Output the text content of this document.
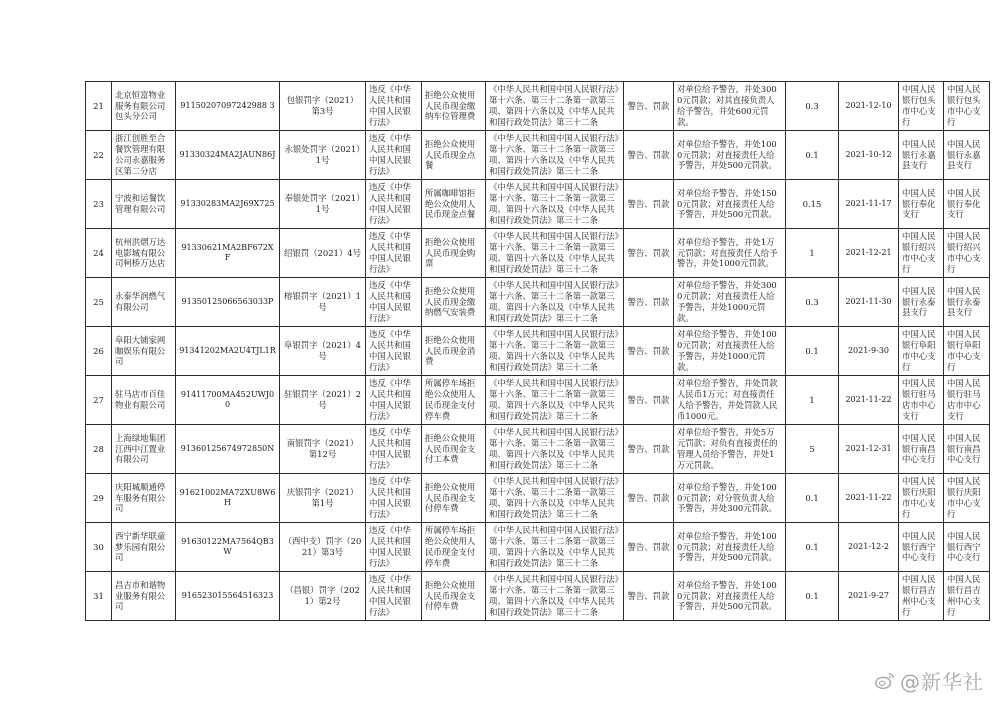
21	北京恒富物业服务有限公司包头分公司	91150207097242988 3	包银罚字（2021）第3号	违反《中华人民共和国中国人民银行法》	拒绝公众使用人民币现金缴纳车位管理费	《中华人民共和国中国人民银行法》第十六条、第三十二条第一款第三项、第四十六条以及《中华人民共和国行政处罚法》第三十二条	警告、罚款	对单位给予警告，并处3000元罚款；对其直接负责人给予警告，并处600元罚款。	0.3	2021-12-10	中国人民银行包头市中心支行	中国人民银行包头市中心支行
22	浙江创胜至合餐饮管理有限公司永嘉服务区第二分店	91330324MA2JAUN86J	永银处罚字（2021）1号	违反《中华人民共和国中国人民银行法》	拒绝公众使用人民币现金点餐	《中华人民共和国中国人民银行法》第十六条、第三十二条第一款第三项、第四十六条以及《中华人民共和国行政处罚法》第三十二条	警告、罚款	对单位给予警告，并处1000元罚款；对直接责任人给予警告，并处500元罚款。	0.1	2021-10-12	中国人民银行永嘉县支行	中国人民银行永嘉县支行
23	宁波和运餐饮管理有限公司	91330283MA2J69X725	奉银处罚字（2021）1号	违反《中华人民共和国中国人民银行法》	所属咖啡馆拒绝公众使用人民币现金点餐	《中华人民共和国中国人民银行法》第十六条、第三十二条第一款第三项、第四十六条以及《中华人民共和国行政处罚法》第三十二条	警告、罚款	对单位给予警告，并处1500元罚款；对直接责任人给予警告，并处500元罚款。	0.15	2021-11-17	中国人民银行奉化支行	中国人民银行奉化支行
24	杭州洪熠万达电影城有限公司柯桥万达店	91330621MA2BF672XF	绍银罚（2021）4号	违反《中华人民共和国中国人民银行法》	拒绝公众使用人民币现金购票	《中华人民共和国中国人民银行法》第十六条、第三十二条第一款第三项、第四十六条以及《中华人民共和国行政处罚法》第三十二条	警告、罚款	对单位给予警告，并处1万元罚款；对直接责任人给予警告，并处1000元罚款。	1	2021-12-21	中国人民银行绍兴市中心支行	中国人民银行绍兴市中心支行
25	永泰华润燃气有限公司	91350125066563033P	榕银罚字（2021）1号	违反《中华人民共和国中国人民银行法》	拒绝公众使用人民币现金缴纳燃气安装费	《中华人民共和国中国人民银行法》第十六条、第三十二条第一款第三项、第四十六条以及《中华人民共和国行政处罚法》第三十二条	警告、罚款	对单位给予警告，并处3000元罚款；对直接责任人给予警告，并处1000元罚款。	0.3	2021-11-30	中国人民银行永泰县支行	中国人民银行永泰县支行
26	阜阳大铺家网咖娱乐有限公司	91341202MA2U4TJL1R	阜银罚字（2021）4号	违反《中华人民共和国中国人民银行法》	拒绝公众使用人民币现金消费	《中华人民共和国中国人民银行法》第十六条、第三十二条第一款第三项、第四十六条以及《中华人民共和国行政处罚法》第三十二条	警告、罚款	对单位给予警告，并处1000元罚款；对直接责任人给予警告，并处1000元罚款。	0.1	2021-9-30	中国人民银行阜阳市中心支行	中国人民银行阜阳市中心支行
27	驻马店市百佳物业有限公司	91411700MA452UWJ00	驻银罚字（2021）2号	违反《中华人民共和国中国人民银行法》	所属停车场拒绝公众使用人民币现金支付停车费	《中华人民共和国中国人民银行法》第十六条、第三十二条第一款第三项、第四十六条以及《中华人民共和国行政处罚法》第三十二条	警告、罚款	对单位给予警告，并处罚款人民币1万元；对直接责任人给予警告，并处罚款人民币1000元。	1	2021-11-22	中国人民银行驻马店市中心支行	中国人民银行驻马店市中心支行
28	上海绿地集团江西中江置业有限公司	91360125674972850N	南银罚字（2021）第12号	违反《中华人民共和国中国人民银行法》	拒绝公众使用人民币现金支付工本费	《中华人民共和国中国人民银行法》第十六条、第三十二条第一款第三项、第四十六条以及《中华人民共和国行政处罚法》第三十二条	警告、罚款	对单位给予警告，并处5万元罚款；对负有直接责任的管理人员给予警告，并处1万元罚款。	5	2021-12-31	中国人民银行南昌中心支行	中国人民银行南昌中心支行
29	庆阳城顺通停车服务有限公司	91621002MA72XU8W6H	庆银罚字（2021）第1号	违反《中华人民共和国中国人民银行法》	拒绝公众使用人民币现金支付停车费	《中华人民共和国中国人民银行法》第十六条、第三十二条第一款第三项、第四十六条以及《中华人民共和国行政处罚法》第三十二条	警告、罚款	对单位给予警告，并处1000元罚款；对分管负责人给予警告，并处300元罚款。	0.1	2021-11-22	中国人民银行庆阳市中心支行	中国人民银行庆阳市中心支行
30	西宁新华联童梦乐园有限公司	91630122MA7564QB3W	（西中支）罚字（2021）第3号	违反《中华人民共和国中国人民银行法》	所属停车场拒绝公众使用人民币现金支付停车费	《中华人民共和国中国人民银行法》第十六条、第三十二条第一款第三项、第四十六条以及《中华人民共和国行政处罚法》第三十二条	警告、罚款	对单位给予警告，并处1000元罚款；对直接责任人给予警告，并处500元罚款。	0.1	2021-12-2	中国人民银行西宁中心支行	中国人民银行西宁中心支行
31	昌吉市和谐物业服务有限公司	916523015564516323	（昌银）罚字（2021）第2号	违反《中华人民共和国中国人民银行法》	拒绝公众使用人民币现金支付停车费	《中华人民共和国中国人民银行法》第十六条、第三十二条第一款第三项、第四十六条以及《中华人民共和国行政处罚法》第三十二条	警告、罚款	对单位给予警告，并处1000元罚款；对直接责任人给予警告，并处500元罚款。	0.1	2021-9-27	中国人民银行昌吉州中心支行	中国人民银行昌吉州中心支行
@新华社
